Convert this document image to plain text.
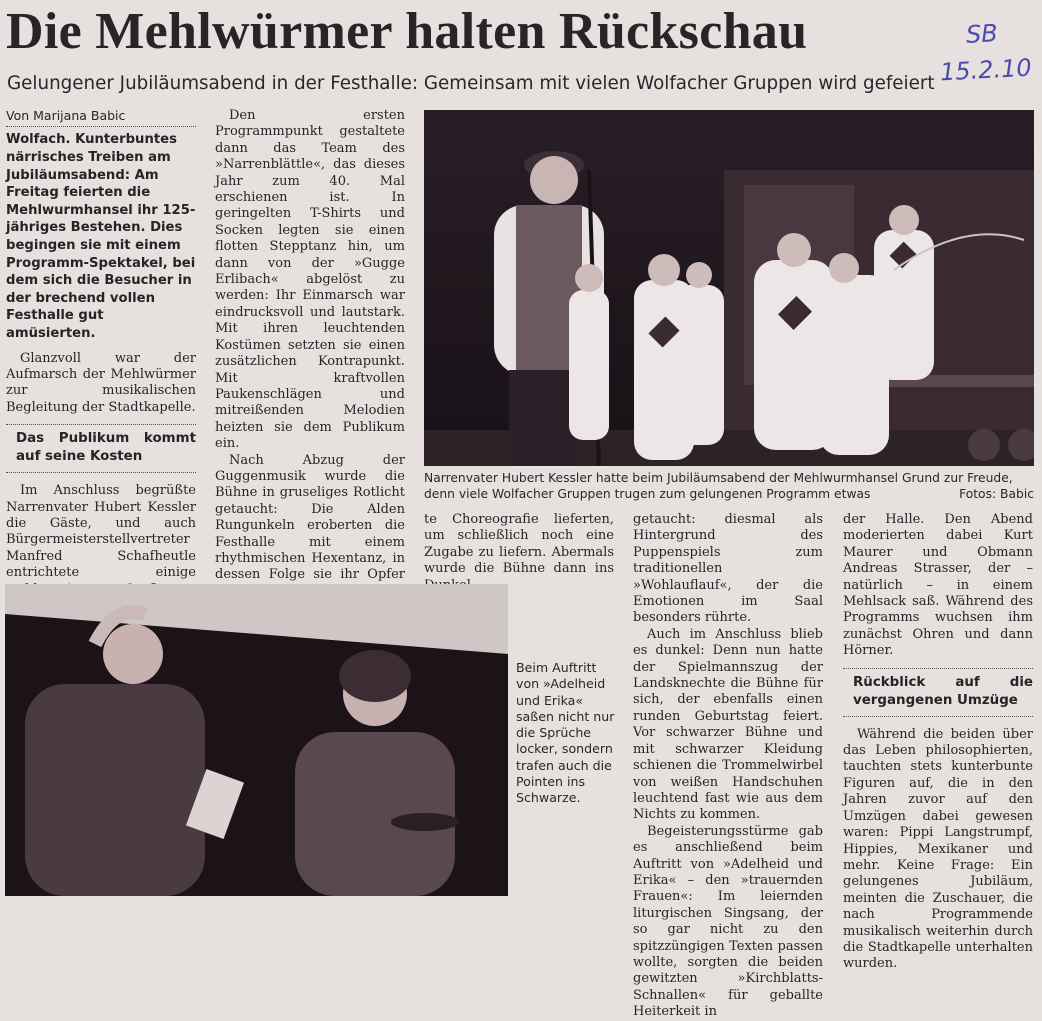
Die Mehlwürmer halten Rückschau	SB
15.2.10
Gelungener Jubiläumsabend in der Festhalle: Gemeinsam mit vielen Wolfacher Gruppen wird gefeiert
Von Marijana Babic
Wolfach. Kunterbuntes närrisches Treiben am Jubiläumsabend: Am Freitag feierten die Mehlwurmhansel ihr 125-jähriges Bestehen. Dies begingen sie mit einem Programm-Spektakel, bei dem sich die Besucher in der brechend vollen Festhalle gut amüsierten.

Glanzvoll war der Aufmarsch der Mehlwürmer zur musikalischen Begleitung der Stadtkapelle.

Das Publikum kommt auf seine Kosten

Im Anschluss begrüßte Narrenvater Hubert Kessler die Gäste, und auch Bürgermeisterstellvertreter Manfred Schafheutle entrichtete einige

Den ersten Programmpunkt gestaltete dann das Team des »Narrenblättle«, das dieses Jahr zum 40. Mal erschienen ist. In geringelten T-Shirts und Socken legten sie einen flotten Stepptanz hin, um dann von der »Gugge Erlibach« abgelöst zu werden: Ihr Einmarsch war eindrucksvoll und lautstark. Mit ihren leuchtenden Kostümen setzten sie einen zusätzlichen Kontrapunkt. Mit kraftvollen Paukenschlägen und mitreißenden Melodien heizten sie dem Publikum ein.

Nach Abzug der Guggenmusik wurde die Bühne in gruseliges Rotlicht getaucht: Die Alden Rungunkeln eroberten die Festhalle mit einem rhythmischen Hexentanz, in dessen Folge sie ihr Opfer

Narrenvater Hubert Kessler hatte beim Jubiläumsabend der Mehlwurmhansel Grund zur Freude, denn viele Wolfacher Gruppen trugen zum gelungenen Programm etwas	Fotos: Babic

te Choreografie lieferten, um schließlich noch eine Zugabe zu liefern. Abermals wurde die Bühne dann ins

getaucht: diesmal als Hintergrund des Puppenspiels zum traditionellen »Wohlauflauf«, der die Emotionen im Saal besonders rührte.

Auch im Anschluss blieb es dunkel: Denn nun hatte der Spielmannszug der Landsknechte die Bühne für sich, der ebenfalls einen runden Geburtstag feiert. Vor schwarzer Bühne und mit schwarzer Kleidung schienen die Trommelwirbel von weißen Handschuhen leuchtend fast wie aus dem Nichts zu kommen.

Begeisterungsstürme gab es anschließend beim Auftritt von »Adelheid und Erika« – den »trauernden Frauen«: Im leiernden liturgischen Singsang, der so gar nicht zu den spitzzüngigen Texten passen wollte, sorgten die beiden gewitzten »Kirchblatts-Schnallen« für geballte Heiterkeit in

der Halle. Den Abend moderierten dabei Kurt Maurer und Obmann Andreas Strasser, der – natürlich – in einem Mehlsack saß. Während des Programms wuchsen ihm zunächst Ohren und dann Hörner.

Rückblick auf die vergangenen Umzüge

Während die beiden über das Leben philosophierten, tauchten stets kunterbunte Figuren auf, die in den Jahren zuvor auf den Umzügen dabei gewesen waren: Pippi Langstrumpf, Hippies, Mexikaner und mehr. Keine Frage: Ein gelungenes Jubiläum, meinten die Zuschauer, die nach Programmende musikalisch weiterhin durch die Stadtkapelle unterhalten wurden.

Beim Auftritt von »Adelheid und Erika« saßen nicht nur die Sprüche locker, sondern trafen auch die Pointen ins Schwarze.
